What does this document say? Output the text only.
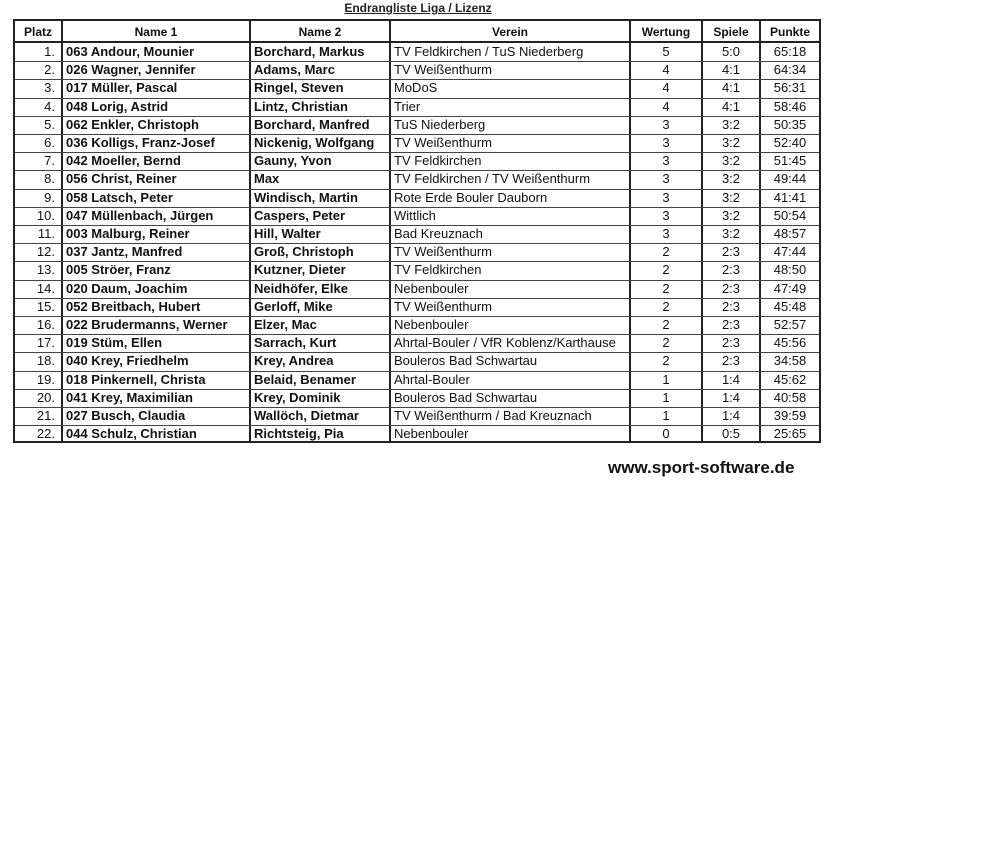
Endrangliste Liga / Lizenz
Platz	Name 1	Name 2	Verein	Wertung	Spiele	Punkte
1. 063 Andour, Mounier	Borchard, Markus	TV Feldkirchen / TuS Niederberg	5	5:0	65:18
2. 026 Wagner, Jennifer	Adams, Marc	TV Weißenthurm	4	4:1	64:34
3. 017 Müller, Pascal	Ringel, Steven	MoDoS	4	4:1	56:31
4. 048 Lorig, Astrid	Lintz, Christian	Trier	4	4:1	58:46
5. 062 Enkler, Christoph	Borchard, Manfred	TuS Niederberg	3	3:2	50:35
6. 036 Kolligs, Franz-Josef	Nickenig, Wolfgang	TV Weißenthurm	3	3:2	52:40
7. 042 Moeller, Bernd	Gauny, Yvon	TV Feldkirchen	3	3:2	51:45
8. 056 Christ, Reiner	Max	TV Feldkirchen / TV Weißenthurm	3	3:2	49:44
9. 058 Latsch, Peter	Windisch, Martin	Rote Erde Bouler Dauborn	3	3:2	41:41
10. 047 Müllenbach, Jürgen	Caspers, Peter	Wittlich	3	3:2	50:54
11. 003 Malburg, Reiner	Hill, Walter	Bad Kreuznach	3	3:2	48:57
12. 037 Jantz, Manfred	Groß, Christoph	TV Weißenthurm	2	2:3	47:44
13. 005 Ströer, Franz	Kutzner, Dieter	TV Feldkirchen	2	2:3	48:50
14. 020 Daum, Joachim	Neidhöfer, Elke	Nebenbouler	2	2:3	47:49
15. 052 Breitbach, Hubert	Gerloff, Mike	TV Weißenthurm	2	2:3	45:48
16. 022 Brudermanns, Werner	Elzer, Mac	Nebenbouler	2	2:3	52:57
17. 019 Stüm, Ellen	Sarrach, Kurt	Ahrtal-Bouler / VfR Koblenz/Karthause	2	2:3	45:56
18. 040 Krey, Friedhelm	Krey, Andrea	Bouleros Bad Schwartau	2	2:3	34:58
19. 018 Pinkernell, Christa	Belaid, Benamer	Ahrtal-Bouler	1	1:4	45:62
20. 041 Krey, Maximilian	Krey, Dominik	Bouleros Bad Schwartau	1	1:4	40:58
21. 027 Busch, Claudia	Wallöch, Dietmar	TV Weißenthurm / Bad Kreuznach	1	1:4	39:59
22. 044 Schulz, Christian	Richtsteig, Pia	Nebenbouler	0	0:5	25:65
www.sport-software.de
